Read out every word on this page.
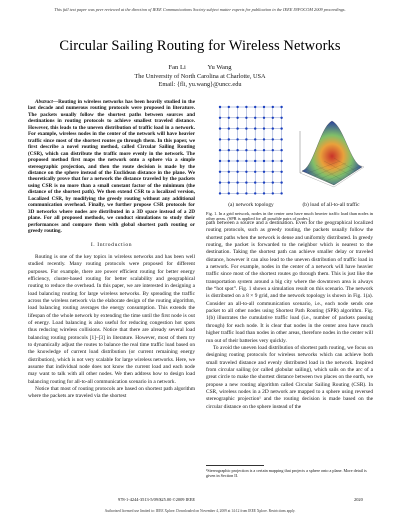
This full text paper was peer reviewed at the direction of IEEE Communications Society subject matter experts for publication in the IEEE INFOCOM 2009 proceedings.
Circular Sailing Routing for Wireless Networks
Fan Li	Yu Wang
The University of North Carolina at Charlotte, USA
Email: {fli, yu.wang}@uncc.edu

Abstract—Routing in wireless networks has been heavily studied in the last decade and numerous routing protocols were proposed in literature. The packets usually follow the shortest paths between sources and destinations in routing protocols to achieve smallest traveled distance. However, this leads to the uneven distribution of traffic load in a network. For example, wireless nodes in the center of the network will have heavier traffic since most of the shortest routes go through them. In this paper, we first describe a novel routing method, called Circular Sailing Routing (CSR), which can distribute the traffic more evenly in the network. The proposed method first maps the network onto a sphere via a simple stereographic projection, and then the route decision is made by the distance on the sphere instead of the Euclidean distance in the plane. We theoretically prove that for a network the distance traveled by the packets using CSR is no more than a small constant factor of the minimum (the distance of the shortest path). We then extend CSR to a localized version, Localized CSR, by modifying the greedy routing without any additional communication overhead. Finally, we further propose CSR protocols for 3D networks where nodes are distributed in a 3D space instead of a 2D plane. For all proposed methods, we conduct simulations to study their performances and compare them with global shortest path routing or greedy routing.

I. Introduction

Routing is one of the key topics in wireless networks and has been well studied recently. Many routing protocols were proposed for different purposes. For example, there are power efficient routing for better energy efficiency, cluster-based routing for better scalability and geographical routing to reduce the overhead. In this paper, we are interested in designing a load balancing routing for large wireless networks. By spreading the traffic across the wireless network via the elaborate design of the routing algorithm, load balancing routing averages the energy consumption. This extends the lifespan of the whole network by extending the time until the first node is out of energy. Load balancing is also useful for reducing congestion hot spots thus reducing wireless collisions. Notice that there are already several load balancing routing protocols [1]–[3] in literature. However, most of them try to dynamically adjust the routes to balance the real time traffic load based on the knowledge of current load distribution (or current remaining energy distribution), which is not very scalable for large wireless networks. Here, we assume that individual node does not know the current load and each node may want to talk with all other nodes. We then address how to design load balancing routing for all-to-all communication scenario in a network.

Notice that most of routing protocols are based on shortest path algorithm where the packets are traveled via the shortest

(a) network topology	(b) load of all-to-all traffic
Fig. 1. In a grid network, nodes in the center area have much heavier traffic load than nodes in other areas. (SPR is applied for all possible pairs of nodes.)

path between a source and a destination. Even for the geographical localized routing protocols, such as greedy routing, the packets usually follow the shortest paths when the network is dense and uniformly distributed. In greedy routing, the packet is forwarded to the neighbor which is nearest to the destination. Taking the shortest path can achieve smaller delay or traveled distance, however it can also lead to the uneven distribution of traffic load in a network. For example, nodes in the center of a network will have heavier traffic since most of the shortest routes go through them. This is just like the transportation system around a big city where the downtown area is always the “hot spot”. Fig. 1 shows a simulation result on this scenario. The network is distributed on a 8 × 9 grid, and the network topology is shown in Fig. 1(a). Consider an all-to-all communication scenario, i.e., each node sends one packet to all other nodes using Shortest Path Routing (SPR) algorithm. Fig. 1(b) illustrates the cumulative traffic load (i.e., number of packets passing through) for each node. It is clear that nodes in the center area have much higher traffic load than nodes in other areas, therefore nodes in the center will run out of their batteries very quickly.

To avoid the uneven load distribution of shortest path routing, we focus on designing routing protocols for wireless networks which can achieve both small traveled distance and evenly distributed load in the network. Inspired from circular sailing (or called globular sailing), which sails on the arc of a great circle to make the shortest distance between two places on the earth, we propose a new routing algorithm called Circular Sailing Routing (CSR). In CSR, wireless nodes in a 2D network are mapped to a sphere using reversed stereographic projection¹ and the routing decision is made based on the circular distance on the sphere instead of the

¹Stereographic projection is a certain mapping that projects a sphere onto a plane. More detail is given in Section II.
978-1-4244-3513-5/09/$25.00 ©2009 IEEE	2020
Authorized licensed use limited to: IEEE Xplore. Downloaded on November 4, 2009 at 14:12 from IEEE Xplore. Restrictions apply.
